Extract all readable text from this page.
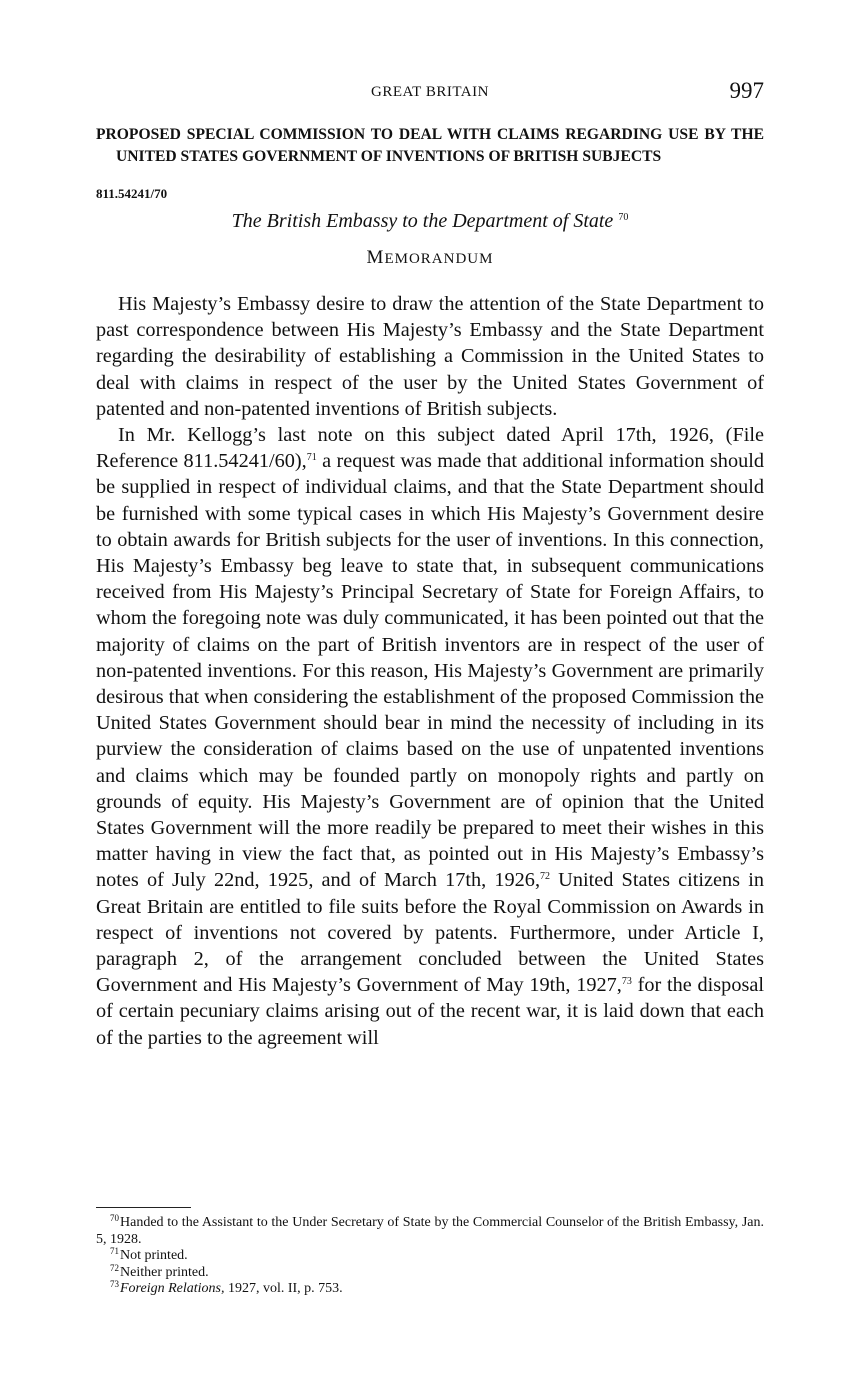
GREAT BRITAIN	997
PROPOSED SPECIAL COMMISSION TO DEAL WITH CLAIMS REGARDING USE BY THE UNITED STATES GOVERNMENT OF INVENTIONS OF BRITISH SUBJECTS
811.54241/70
The British Embassy to the Department of State $^{70}$
MEMORANDUM

His Majesty’s Embassy desire to draw the attention of the State Department to past correspondence between His Majesty’s Embassy and the State Department regarding the desirability of establishing a Commission in the United States to deal with claims in respect of the user by the United States Government of patented and non-patented inventions of British subjects.

In Mr. Kellogg’s last note on this subject dated April 17th, 1926, (File Reference 811.54241/60),$^{71}$ a request was made that additional information should be supplied in respect of individual claims, and that the State Department should be furnished with some typical cases in which His Majesty’s Government desire to obtain awards for British subjects for the user of inventions. In this connection, His Majesty’s Embassy beg leave to state that, in subsequent communications received from His Majesty’s Principal Secretary of State for Foreign Affairs, to whom the foregoing note was duly communicated, it has been pointed out that the majority of claims on the part of British inventors are in respect of the user of non-patented inventions. For this reason, His Majesty’s Government are primarily desirous that when considering the establishment of the proposed Commission the United States Government should bear in mind the necessity of including in its purview the consideration of claims based on the use of unpatented inventions and claims which may be founded partly on monopoly rights and partly on grounds of equity. His Majesty’s Government are of opinion that the United States Government will the more readily be prepared to meet their wishes in this matter having in view the fact that, as pointed out in His Majesty’s Embassy’s notes of July 22nd, 1925, and of March 17th, 1926,72 United States citizens in Great Britain are entitled to file suits before the Royal Commission on Awards in respect of inventions not covered by patents. Furthermore, under Article I, paragraph 2, of the arrangement concluded between the United States Government and His Majesty’s Government of May 19th, 1927,73 for the disposal of certain pecuniary claims arising out of the recent war, it is laid down that each of the parties to the agreement will

$^{70}$Handed to the Assistant to the Under Secretary of State by the Commercial Counselor of the British Embassy, Jan. 5, 1928.

$^{71}$Not printed.

$^{72}$Neither printed.

$^{73}$Foreign Relations, 1927, vol. II, p. 753.
